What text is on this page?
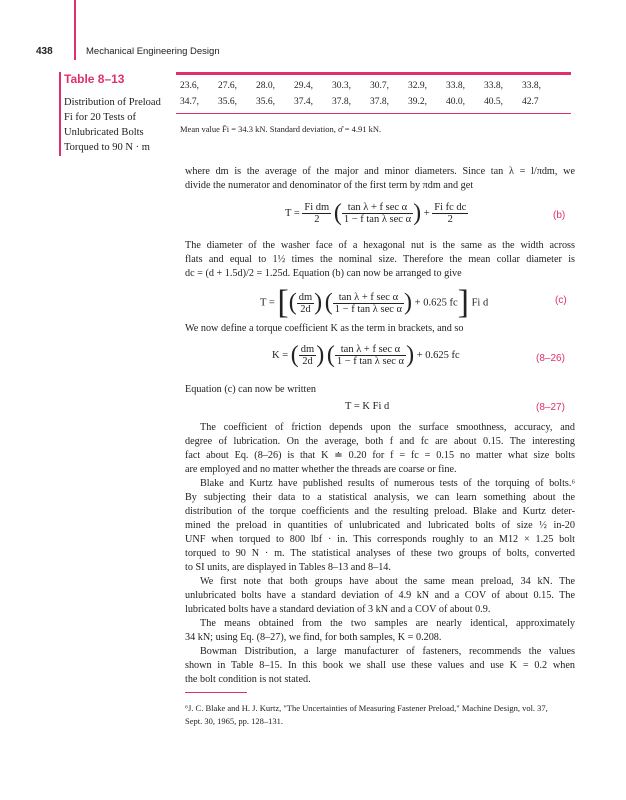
438	Mechanical Engineering Design
Table 8–13
Distribution of Preload
Fi for 20 Tests of
Unlubricated Bolts
Torqued to 90 N · m
23.6,	27.6,	28.0,	29.4,	30.3,	30.7,	32.9,	33.8,	33.8,	33.8,
34.7,	35.6,	35.6,	37.4,	37.8,	37.8,	39.2,	40.0,	40.5,	42.7
Mean value F̄i = 34.3 kN. Standard deviation, σ̂ = 4.91 kN.
where dm is the average of the major and minor diameters. Since tan λ = l/πdm, we
divide the numerator and denominator of the first term by πdm and get
$T = \frac{\text{Fi dm}}{2}$ ( $\frac{\text{tan λ + f sec α}}{\text{1 − f tan λ sec α}}$ ) + $\frac{\text{Fi fc dc}}{2}$	(b)
The diameter of the washer face of a hexagonal nut is the same as the width across
flats and equal to 1½ times the nominal size. Therefore the mean collar diameter is
dc = (d + 1.5d)/2 = 1.25d. Equation (b) can now be arranged to give
T = [( $\frac{dm}{2d}$ ) ( $\frac{\text{tan λ + f sec α}}{\text{1 − f tan λ sec α}}$ ) + 0.625 fc] Fi d	(c)
We now define a torque coefficient K as the term in brackets, and so
K = ( $\frac{dm}{2d}$ ) ( $\frac{\text{tan λ + f sec α}}{\text{1 − f tan λ sec α}}$ ) + 0.625 fc	(8–26)
Equation (c) can now be written
T = K Fi d	(8–27)
The coefficient of friction depends upon the surface smoothness, accuracy, and
degree of lubrication. On the average, both f and fc are about 0.15. The interesting
fact about Eq. (8–26) is that K ≐ 0.20 for f = fc = 0.15 no matter what size bolts
are employed and no matter whether the threads are coarse or fine.
Blake and Kurtz have published results of numerous tests of the torquing of bolts.⁶
By subjecting their data to a statistical analysis, we can learn something about the
distribution of the torque coefficients and the resulting preload. Blake and Kurtz deter-
mined the preload in quantities of unlubricated and lubricated bolts of size ½ in-20
UNF when torqued to 800 lbf · in. This corresponds roughly to an M12 × 1.25 bolt
torqued to 90 N · m. The statistical analyses of these two groups of bolts, converted
to SI units, are displayed in Tables 8–13 and 8–14.
We first note that both groups have about the same mean preload, 34 kN. The
unlubricated bolts have a standard deviation of 4.9 kN and a COV of about 0.15. The
lubricated bolts have a standard deviation of 3 kN and a COV of about 0.9.
The means obtained from the two samples are nearly identical, approximately
34 kN; using Eq. (8–27), we find, for both samples, K = 0.208.
Bowman Distribution, a large manufacturer of fasteners, recommends the values
shown in Table 8–15. In this book we shall use these values and use K = 0.2 when
the bolt condition is not stated.
⁶J. C. Blake and H. J. Kurtz, "The Uncertainties of Measuring Fastener Preload," Machine Design, vol. 37,
Sept. 30, 1965, pp. 128–131.
